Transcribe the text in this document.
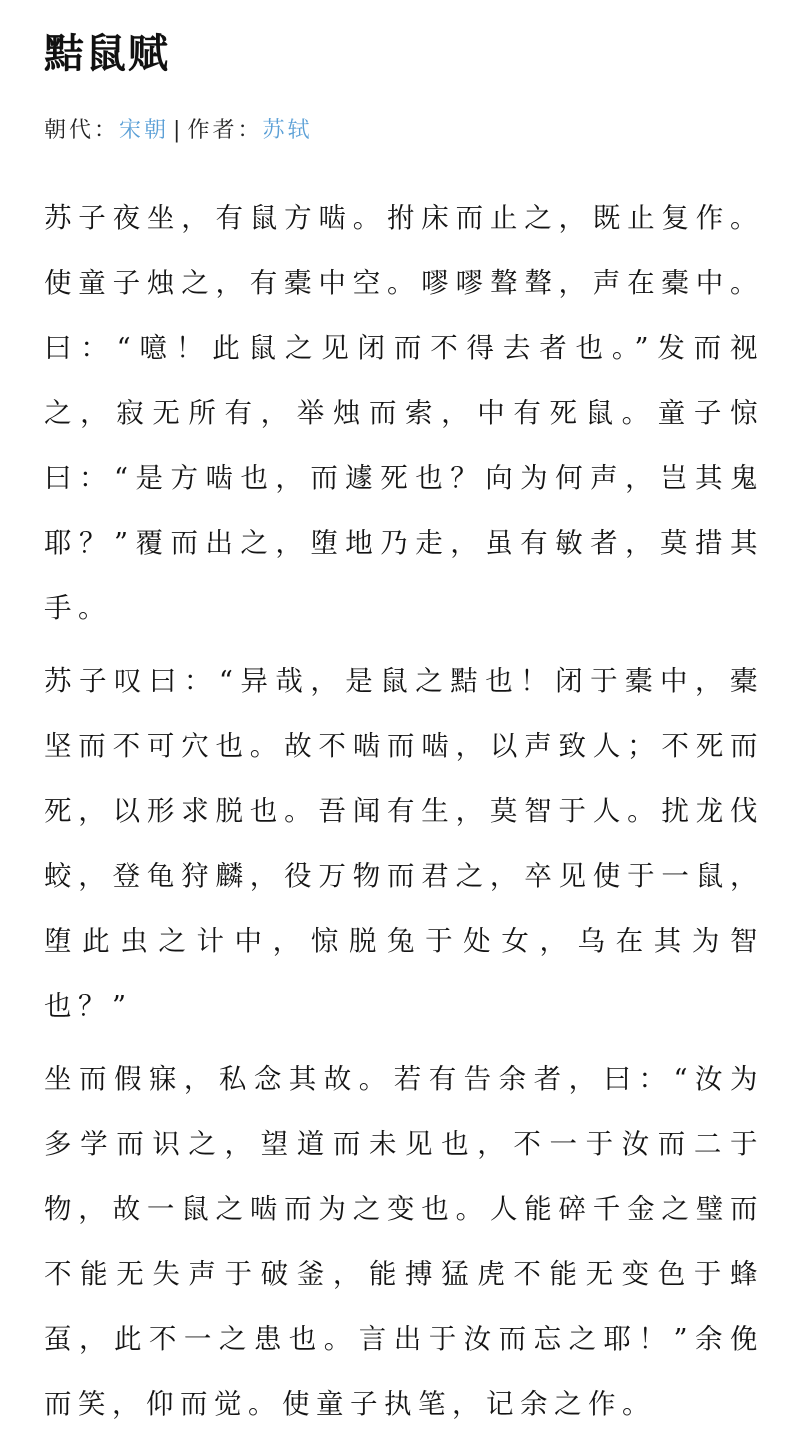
黠鼠赋
朝代：宋朝 | 作者：苏轼

苏子夜坐，有鼠方啮。拊床而止之，既止复作。使童子烛之，有橐中空。嘐嘐聱聱，声在橐中。曰：“噫！此鼠之见闭而不得去者也。”发而视之，寂无所有，举烛而索，中有死鼠。童子惊曰：“是方啮也，而遽死也？向为何声，岂其鬼耶？”覆而出之，堕地乃走，虽有敏者，莫措其手。

苏子叹曰：“异哉，是鼠之黠也！闭于橐中，橐坚而不可穴也。故不啮而啮，以声致人；不死而死，以形求脱也。吾闻有生，莫智于人。扰龙伐蛟，登龟狩麟，役万物而君之，卒见使于一鼠，堕此虫之计中，惊脱兔于处女，乌在其为智也？”

坐而假寐，私念其故。若有告余者，曰：“汝为多学而识之，望道而未见也，不一于汝而二于物，故一鼠之啮而为之变也。人能碎千金之璧而不能无失声于破釜，能搏猛虎不能无变色于蜂虿，此不一之患也。言出于汝而忘之耶！”余俛而笑，仰而觉。使童子执笔，记余之作。
